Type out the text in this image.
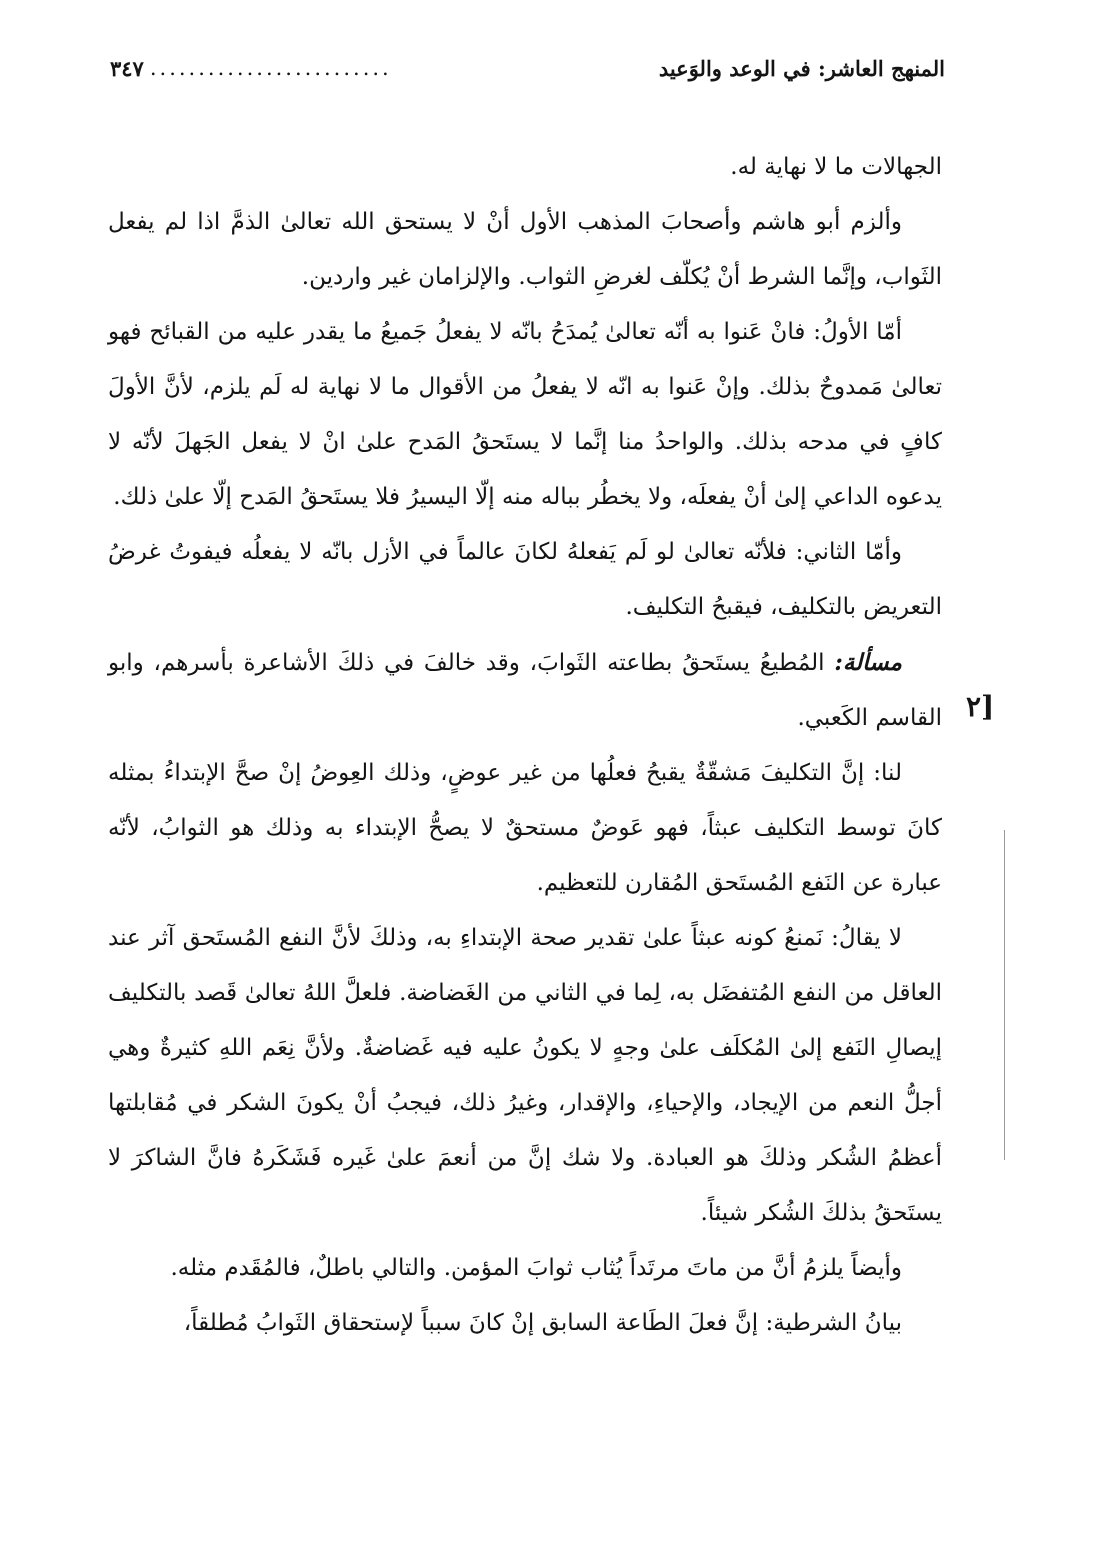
المنهج العاشر: في الوعد والوَعيد
.........................
٣٤٧
[٢

الجهالات ما لا نهاية له.

وألزم أبو هاشم وأصحابَ المذهب الأول أنْ لا يستحق الله تعالىٰ الذمَّ اذا لم يفعل الثَواب، وإنَّما الشرط أنْ يُكلّف لغرضِ الثواب. والإلزامان غير واردين.

أمّا الأولُ: فانْ عَنوا به أنّه تعالىٰ يُمدَحُ بانّه لا يفعلُ جَميعُ ما يقدر عليه من القبائح فهو تعالىٰ مَمدوحٌ بذلك. وإنْ عَنوا به انّه لا يفعلُ من الأقوال ما لا نهاية له لَم يلزم، لأنَّ الأولَ كافٍ في مدحه بذلك. والواحدُ منا إنَّما لا يستَحقُ المَدح علىٰ انْ لا يفعل الجَهلَ لأنّه لا يدعوه الداعي إلىٰ أنْ يفعلَه، ولا يخطُر بباله منه إلّا اليسيرُ فلا يستَحقُ المَدح إلّا علىٰ ذلك.

وأمّا الثاني: فلأنّه تعالىٰ لو لَم يَفعلهُ لكانَ عالماً في الأزل بانّه لا يفعلُه فيفوتُ غرضُ التعريض بالتكليف، فيقبحُ التكليف.

مسألة: المُطيعُ يستَحقُ بطاعته الثَوابَ، وقد خالفَ في ذلكَ الأشاعرة بأسرهم، وابو القاسم الكَعبي.

لنا: إنَّ التكليفَ مَشقّةٌ يقبحُ فعلُها من غير عوضٍ، وذلك العِوضُ إنْ صحَّ الإبتداءُ بمثله كانَ توسط التكليف عبثاً، فهو عَوضٌ مستحقٌ لا يصحُّ الإبتداء به وذلك هو الثوابُ، لأنّه عبارة عن النَفع المُستَحق المُقارن للتعظيم.

لا يقالُ: نَمنعُ كونه عبثاً علىٰ تقدير صحة الإبتداءِ به، وذلكَ لأنَّ النفع المُستَحق آثر عند العاقل من النفع المُتفضَل به، لِما في الثاني من الغَضاضة. فلعلَّ اللهُ تعالىٰ قَصد بالتكليف إيصالِ النَفع إلىٰ المُكلَف علىٰ وجهٍ لا يكونُ عليه فيه غَضاضةٌ. ولأنَّ نِعَم اللهِ كثيرةٌ وهي أجلُّ النعم من الإيجاد، والإحياءِ، والإقدار، وغيرُ ذلك، فيجبُ أنْ يكونَ الشكر في مُقابلتها أعظمُ الشُكر وذلكَ هو العبادة. ولا شك إنَّ من أنعمَ علىٰ غَيره فَشَكَرهُ فانَّ الشاكرَ لا يستَحقُ بذلكَ الشُكر شيئاً.

وأيضاً يلزمُ أنَّ من ماتَ مرتَداً يُثاب ثوابَ المؤمن. والتالي باطلٌ، فالمُقَدم مثله.

بيانُ الشرطية: إنَّ فعلَ الطَاعة السابق إنْ كانَ سبباً لإستحقاق الثَوابُ مُطلقاً،
